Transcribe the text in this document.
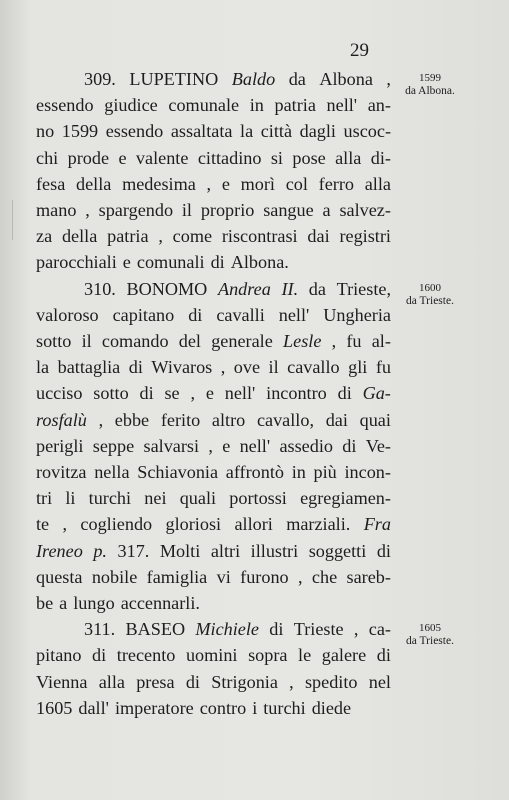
29
309. LUPETINO Baldo da Albona ,
essendo giudice comunale in patria nell' an-
no 1599 essendo assaltata la città dagli uscoc-
chi prode e valente cittadino si pose alla di-
fesa della medesima , e morì col ferro alla
mano , spargendo il proprio sangue a salvez-
za della patria , come riscontrasi dai registri
parocchiali e comunali di Albona.
310. BONOMO Andrea II. da Trieste,
valoroso capitano di cavalli nell' Ungheria
sotto il comando del generale Lesle , fu al-
la battaglia di Wivaros , ove il cavallo gli fu
ucciso sotto di se , e nell' incontro di Ga-
rosfalù , ebbe ferito altro cavallo, dai quai
perigli seppe salvarsi , e nell' assedio di Ve-
rovitza nella Schiavonia affrontò in più incon-
tri li turchi nei quali portossi egregiamen-
te , cogliendo gloriosi allori marziali. Fra
Ireneo p. 317. Molti altri illustri soggetti di
questa nobile famiglia vi furono , che sareb-
be a lungo accennarli.
311. BASEO Michiele di Trieste , ca-
pitano di trecento uomini sopra le galere di
Vienna alla presa di Strigonia , spedito nel
1605 dall' imperatore contro i turchi diede
1599
da Albona.
1600
da Trieste.
1605
da Trieste.
